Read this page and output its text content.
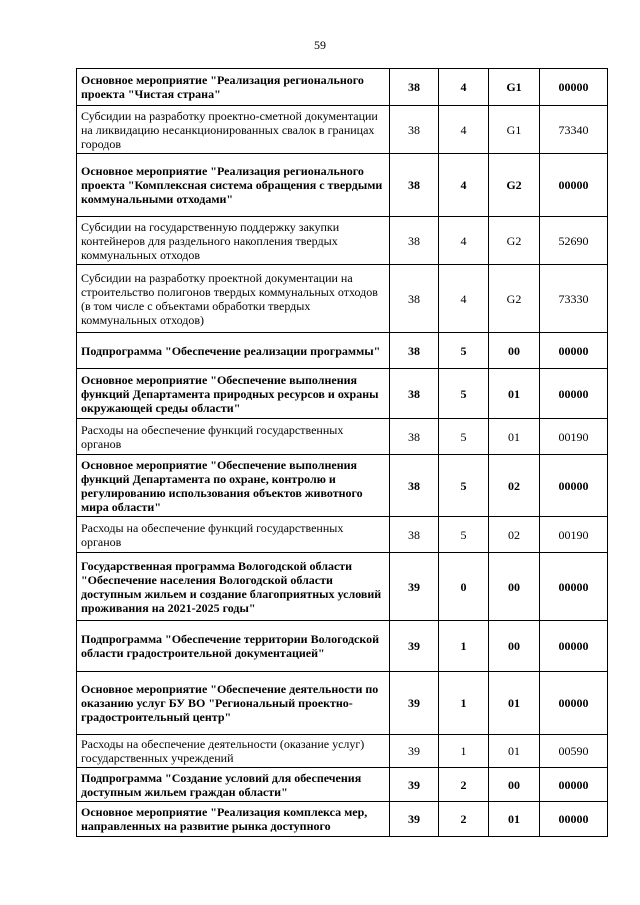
59
Основное мероприятие "Реализация регионального проекта "Чистая страна"	38	4	G1	00000
Субсидии на разработку проектно-сметной документации на ликвидацию несанкционированных свалок в границах городов	38	4	G1	73340
Основное мероприятие "Реализация регионального проекта "Комплексная система обращения с твердыми коммунальными отходами"	38	4	G2	00000
Субсидии на государственную поддержку закупки контейнеров для раздельного накопления твердых коммунальных отходов	38	4	G2	52690
Субсидии на разработку проектной документации на строительство полигонов твердых коммунальных отходов (в том числе с объектами обработки твердых коммунальных отходов)	38	4	G2	73330
Подпрограмма "Обеспечение реализации программы"	38	5	00	00000
Основное мероприятие "Обеспечение выполнения функций Департамента природных ресурсов и охраны окружающей среды области"	38	5	01	00000
Расходы на обеспечение функций государственных органов	38	5	01	00190
Основное мероприятие "Обеспечение выполнения функций Департамента по охране, контролю и регулированию использования объектов животного мира области"	38	5	02	00000
Расходы на обеспечение функций государственных органов	38	5	02	00190
Государственная программа Вологодской области "Обеспечение населения Вологодской области доступным жильем и создание благоприятных условий проживания на 2021-2025 годы"	39	0	00	00000
Подпрограмма "Обеспечение территории Вологодской области градостроительной документацией"	39	1	00	00000
Основное мероприятие "Обеспечение деятельности по оказанию услуг БУ ВО "Региональный проектно-градостроительный центр"	39	1	01	00000
Расходы на обеспечение деятельности (оказание услуг) государственных учреждений	39	1	01	00590
Подпрограмма "Создание условий для обеспечения доступным жильем граждан области"	39	2	00	00000
Основное мероприятие "Реализация комплекса мер, направленных на развитие рынка доступного	39	2	01	00000
